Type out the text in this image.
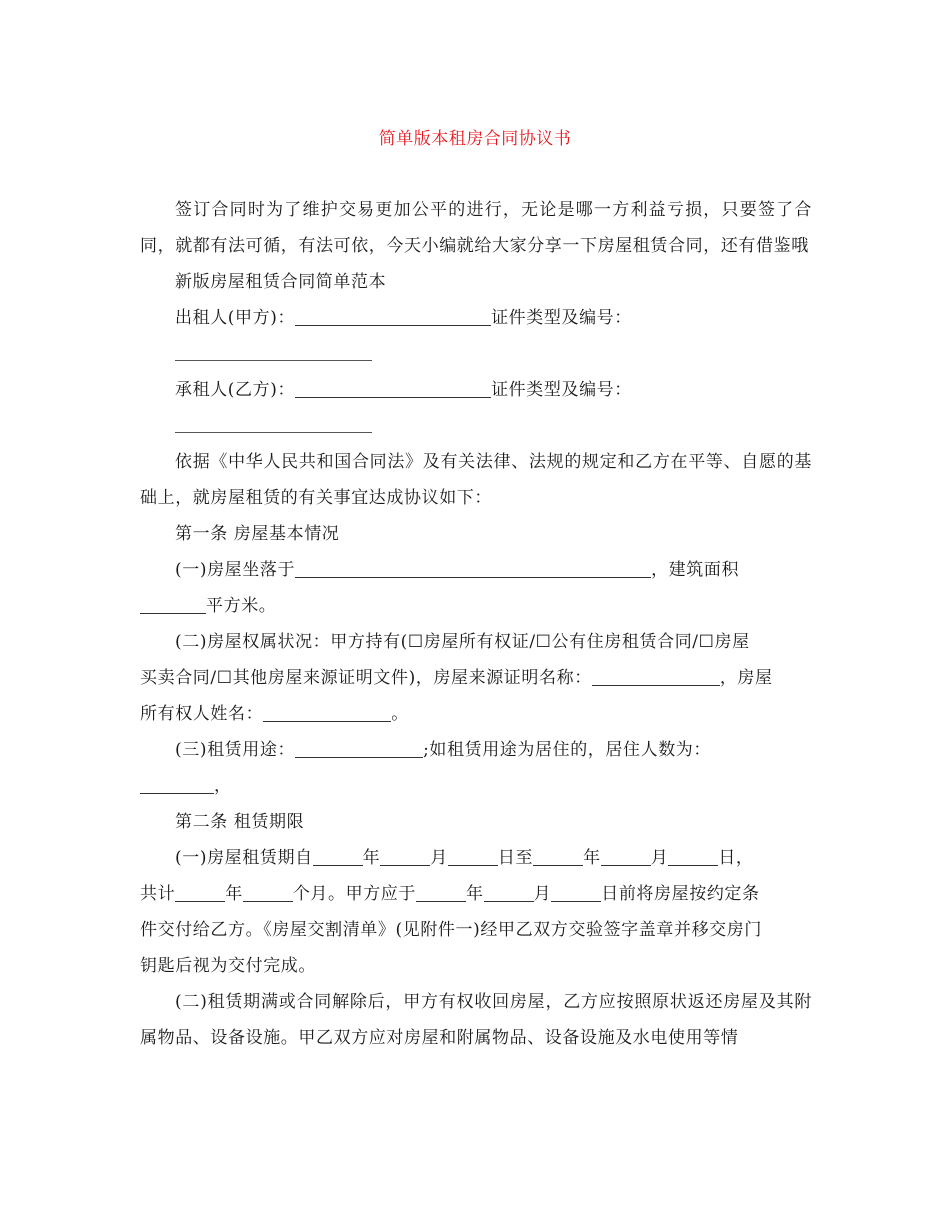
简单版本租房合同协议书

签订合同时为了维护交易更加公平的进行，无论是哪一方利益亏损，只要签了合同，就都有法可循，有法可依，今天小编就给大家分享一下房屋租赁合同，还有借鉴哦

新版房屋租赁合同简单范本

出租人(甲方)：	证件类型及编号：

承租人(乙方)：	证件类型及编号：

依据《中华人民共和国合同法》及有关法律、法规的规定和乙方在平等、自愿的基础上，就房屋租赁的有关事宜达成协议如下：

第一条 房屋基本情况

(一)房屋坐落于	，建筑面积

平方米。

(二)房屋权属状况：甲方持有(☐房屋所有权证/☐公有住房租赁合同/☐房屋

买卖合同/☐其他房屋来源证明文件)，房屋来源证明名称：	，房屋

所有权人姓名：	。

(三)租赁用途：	;如租赁用途为居住的，居住人数为：

，

第二条 租赁期限

(一)房屋租赁期自	年	月	日至	年	月	日，

共计	年	个月。甲方应于	年	月	日前将房屋按约定条

件交付给乙方。《房屋交割清单》(见附件一)经甲乙双方交验签字盖章并移交房门

钥匙后视为交付完成。

(二)租赁期满或合同解除后，甲方有权收回房屋，乙方应按照原状返还房屋及其附属物品、设备设施。甲乙双方应对房屋和附属物品、设备设施及水电使用等情
